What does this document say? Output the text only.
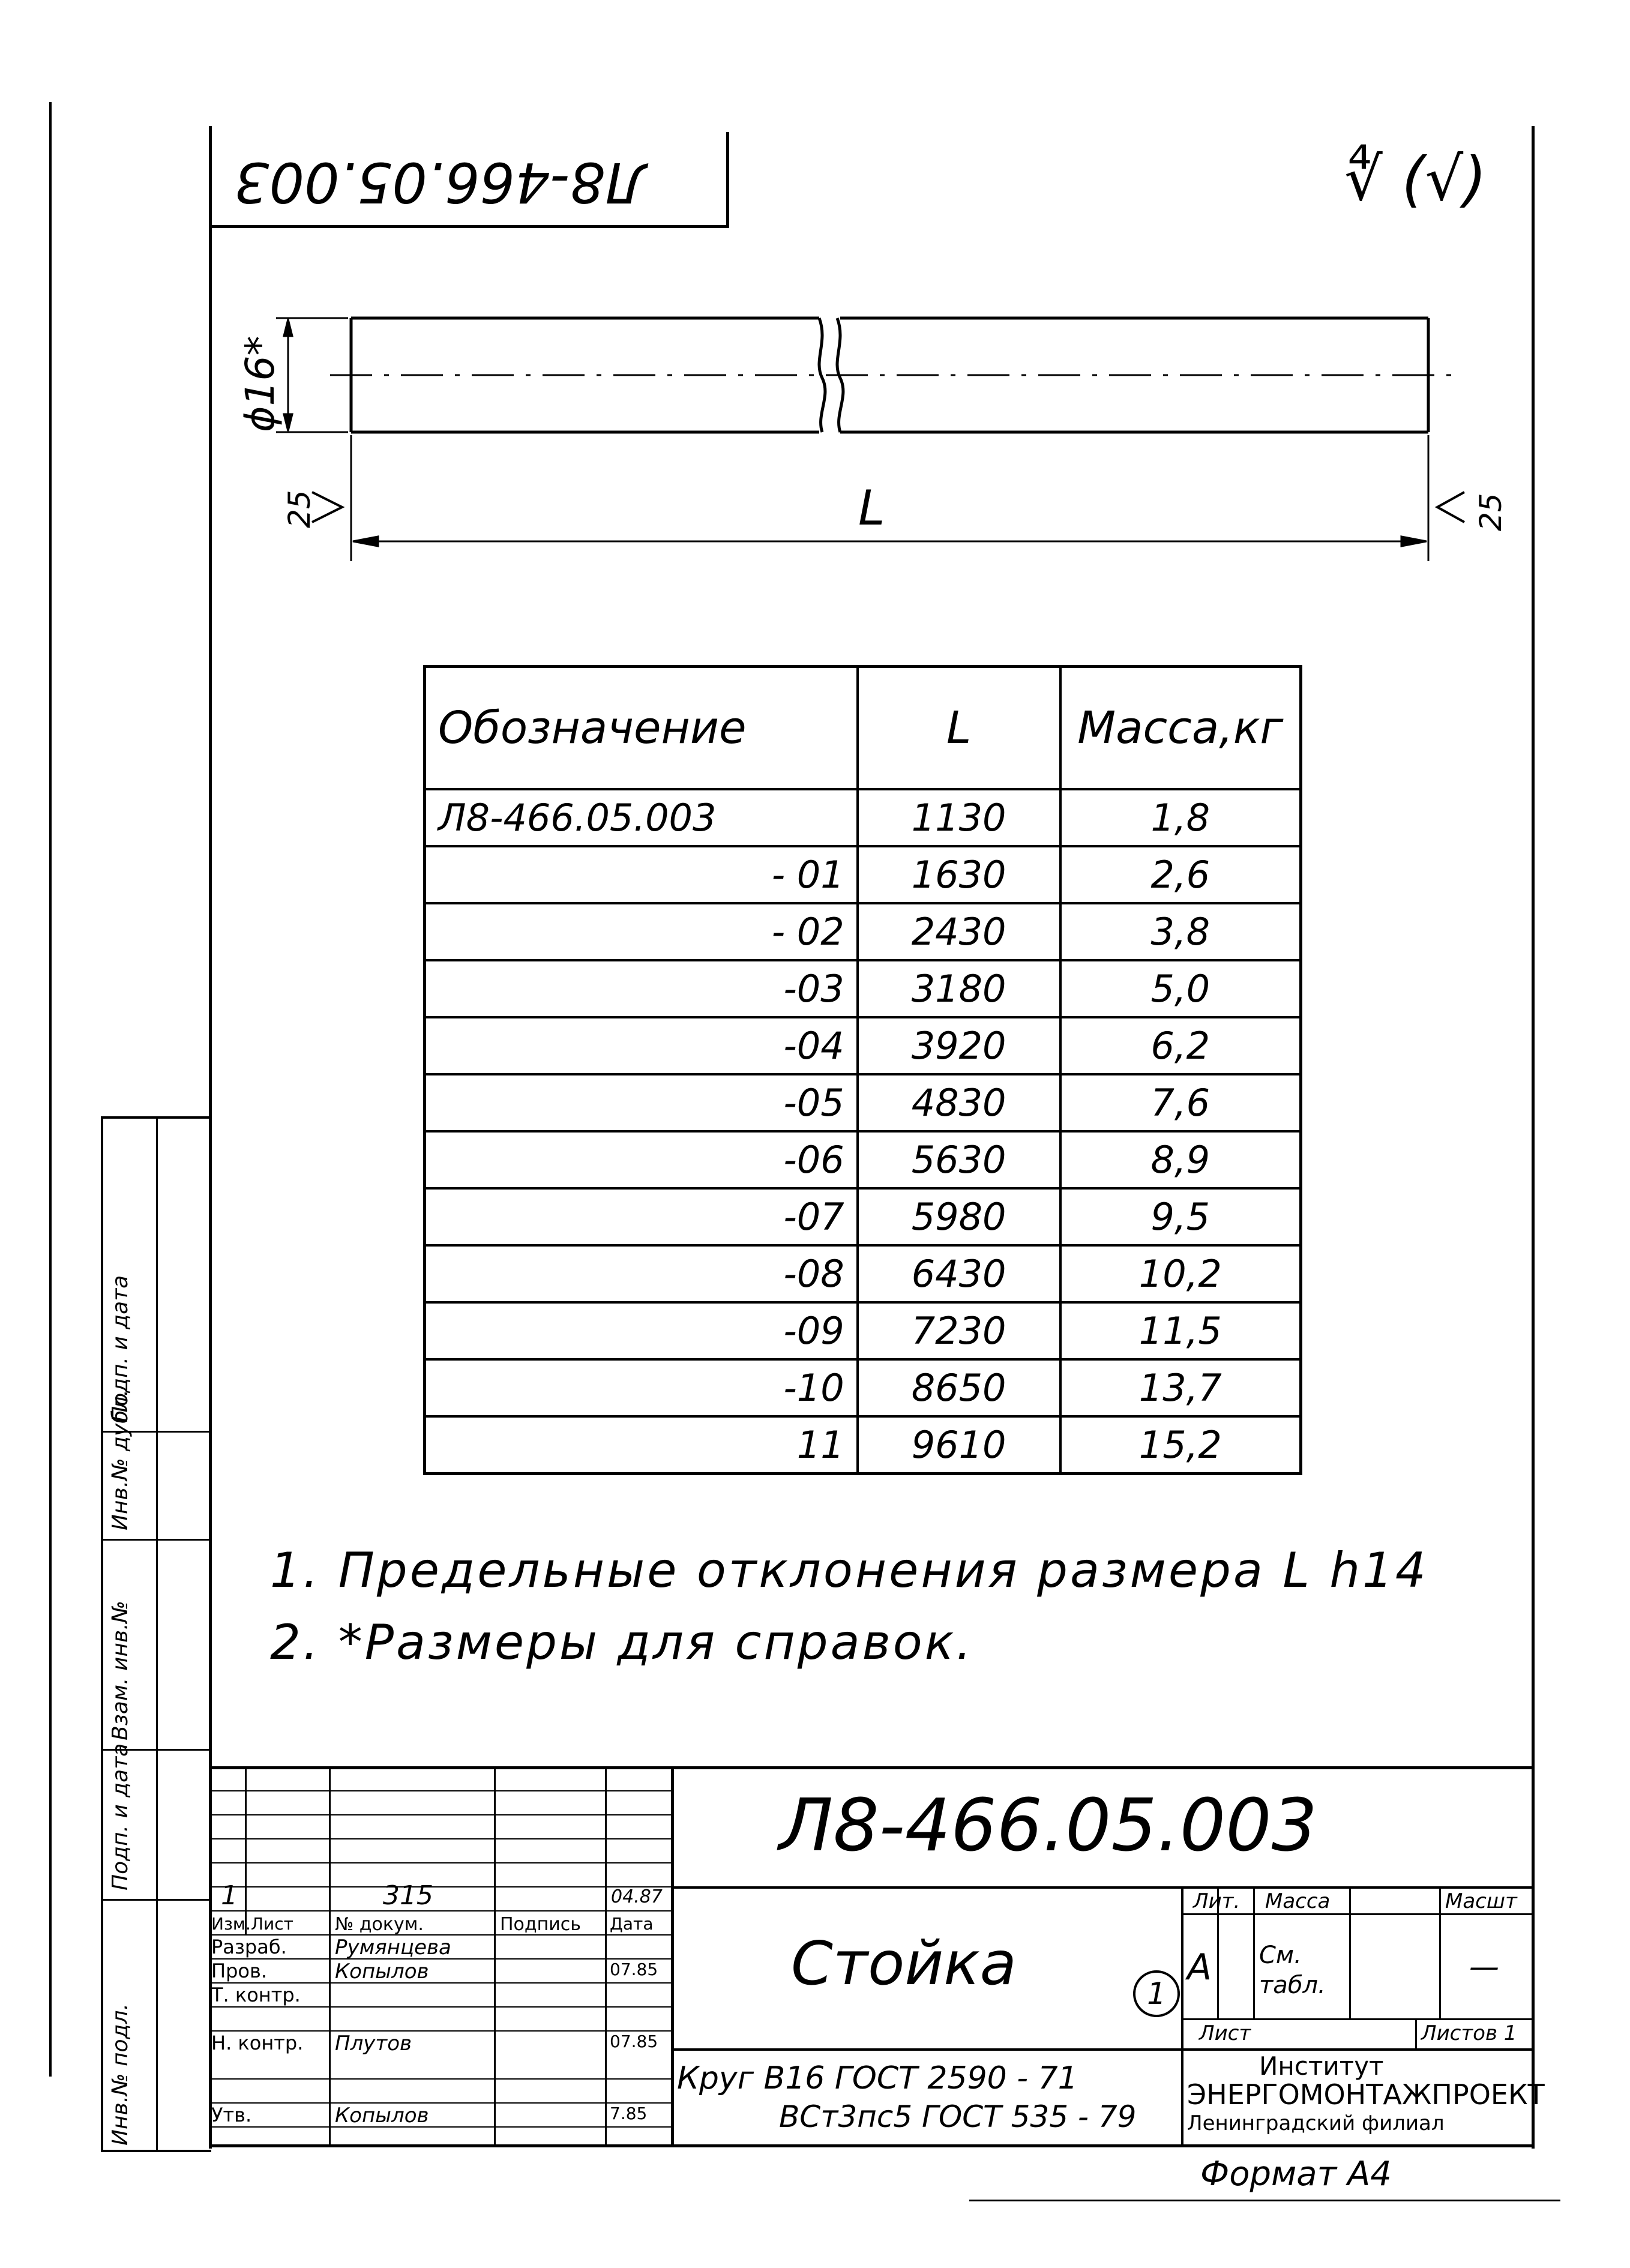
Л8-466.05.003	∜ (√)
ϕ16*
L
25	25
Обозначение	L	Масса,кг
Л8-466.05.003	1130	1,8
- 01	1630	2,6
- 02	2430	3,8
-03	3180	5,0
-04	3920	6,2
-05	4830	7,6
-06	5630	8,9
-07	5980	9,5
-08	6430	10,2
-09	7230	11,5
-10	8650	13,7
11	9610	15,2
1. Предельные отклонения размера L h14
2. *Размеры для справок.
Инв.№ подл.
Подп. и дата
Взам. инв.№
Инв.№ дубл.
Подп. и дата
1	315	04.87
Изм. Лист № докум.	Подпись Дата
Разраб. Румянцева
Пров.	Копылов	07.85
Т. контр.
Н. контр. Плутов	07.85
Утв.	Копылов	7.85
Л8-466.05.003
Стойка	1
Круг В16 ГОСТ 2590 - 71
ВСт3пс5 ГОСТ 535 - 79
Лит. Масса	Масшт
А См. табл.
—
Лист	Листов 1
Институт
ЭНЕРГОМОНТАЖПРОЕКТ
Ленинградский филиал
Формат А4
